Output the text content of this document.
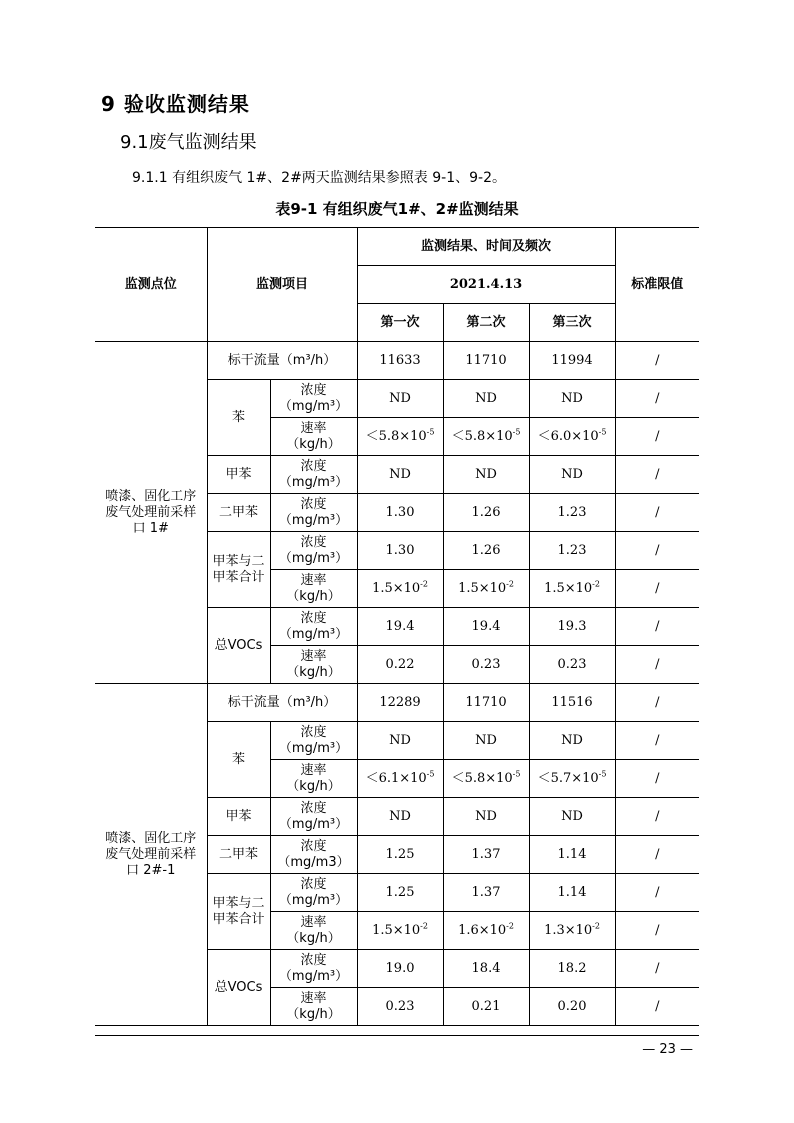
9 验收监测结果
9.1废气监测结果
9.1.1 有组织废气 1#、2#两天监测结果参照表 9-1、9-2。
表9-1 有组织废气1#、2#监测结果
监测点位	监测项目		监测结果、时间及频次			标准限值
			2021.4.13			
			第一次	第二次	第三次	
喷漆、固化工序废气处理前采样口 1#	标干流量（m³/h）		11633	11710	11994	/
	苯	浓度
（mg/m³）	ND	ND	ND	/

		速率
（kg/h）	$<5.8\times 10^{-5}$	$<5.8\times 10^{-5}$	$<6.0\times 10^{-5}$	/
	甲苯	浓度
（mg/m³）	ND	ND	ND	/
	二甲苯	浓度
（mg/m³）	1.30	1.26	1.23	/
	甲苯与二甲苯合计	浓度
（mg/m³）	1.30	1.26	1.23	/

		速率
（kg/h）	$1.5\times 10^{-2}$	$1.5\times 10^{-2}$	$1.5\times 10^{-2}$	/
	总VOCs	浓度
（mg/m³）	19.4	19.4	19.3	/

		速率
（kg/h）	0.22	0.23	0.23	/
喷漆、固化工序废气处理前采样口 2#-1	标干流量（m³/h）		12289	11710	11516	/
	苯	浓度
（mg/m³）	ND	ND	ND	/

		速率
（kg/h）	$<6.1\times 10^{-5}$	$<5.8\times 10^{-5}$	$<5.7\times 10^{-5}$	/
	甲苯	浓度
（mg/m³）	ND	ND	ND	/
	二甲苯	浓度
（mg/m3）	1.25	1.37	1.14	/
	甲苯与二甲苯合计	浓度
（mg/m³）	1.25	1.37	1.14	/

		速率
（kg/h）	$1.5\times 10^{-2}$	$1.6\times 10^{-2}$	$1.3\times 10^{-2}$	/
	总VOCs	浓度
（mg/m³）	19.0	18.4	18.2	/

		速率
（kg/h）	0.23	0.21	0.20	/
— 23 —
